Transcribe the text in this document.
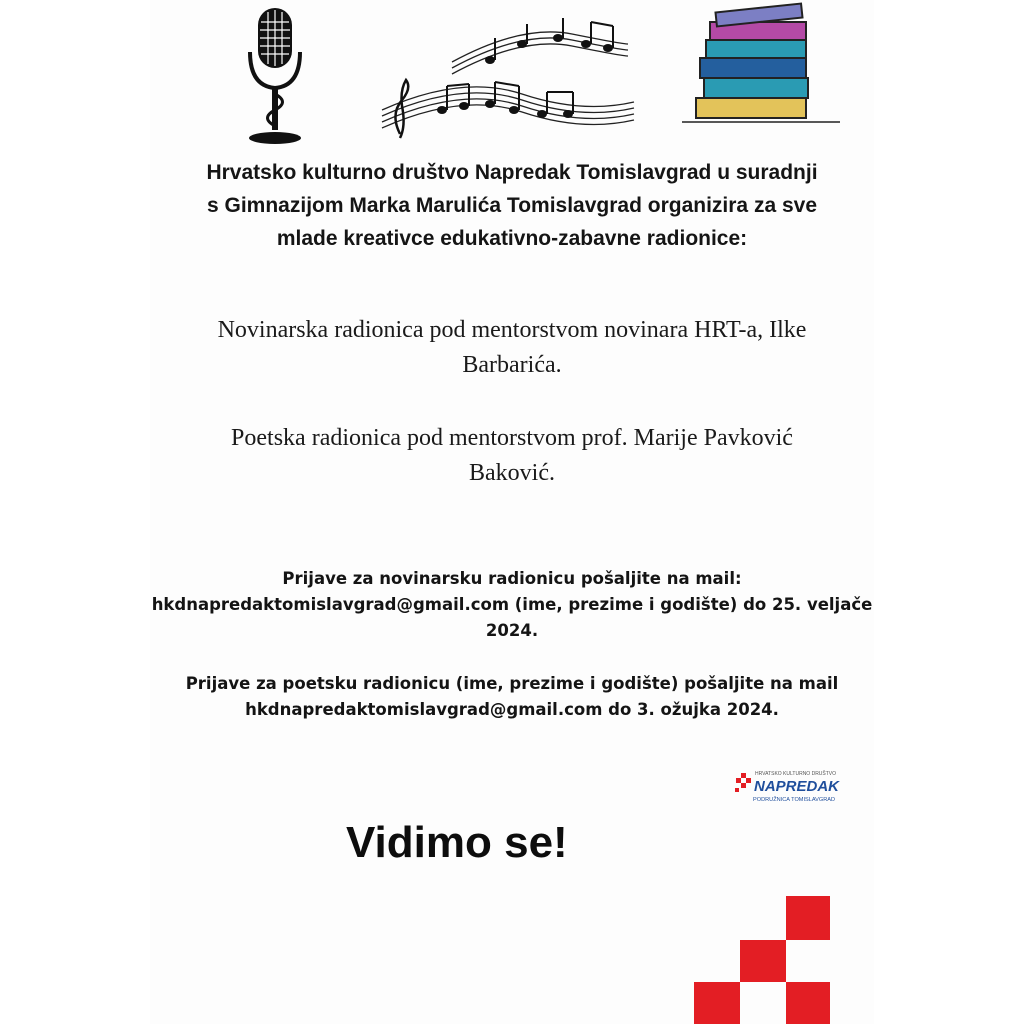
Hrvatsko kulturno društvo Napredak Tomislavgrad u suradnji
s Gimnazijom Marka Marulića Tomislavgrad organizira za sve
mlade kreativce edukativno-zabavne radionice:
Novinarska radionica pod mentorstvom novinara HRT-a, Ilke
Barbarića.
Poetska radionica pod mentorstvom prof. Marije Pavković
Baković.
Prijave za novinarsku radionicu pošaljite na mail:
hkdnapredaktomislavgrad@gmail.com (ime, prezime i godište) do 25. veljače
2024.
Prijave za poetsku radionicu (ime, prezime i godište) pošaljite na mail
hkdnapredaktomislavgrad@gmail.com do 3. ožujka 2024.
HRVATSKO KULTURNO DRUŠTVO
NAPREDAK
PODRUŽNICA TOMISLAVGRAD
Vidimo se!
